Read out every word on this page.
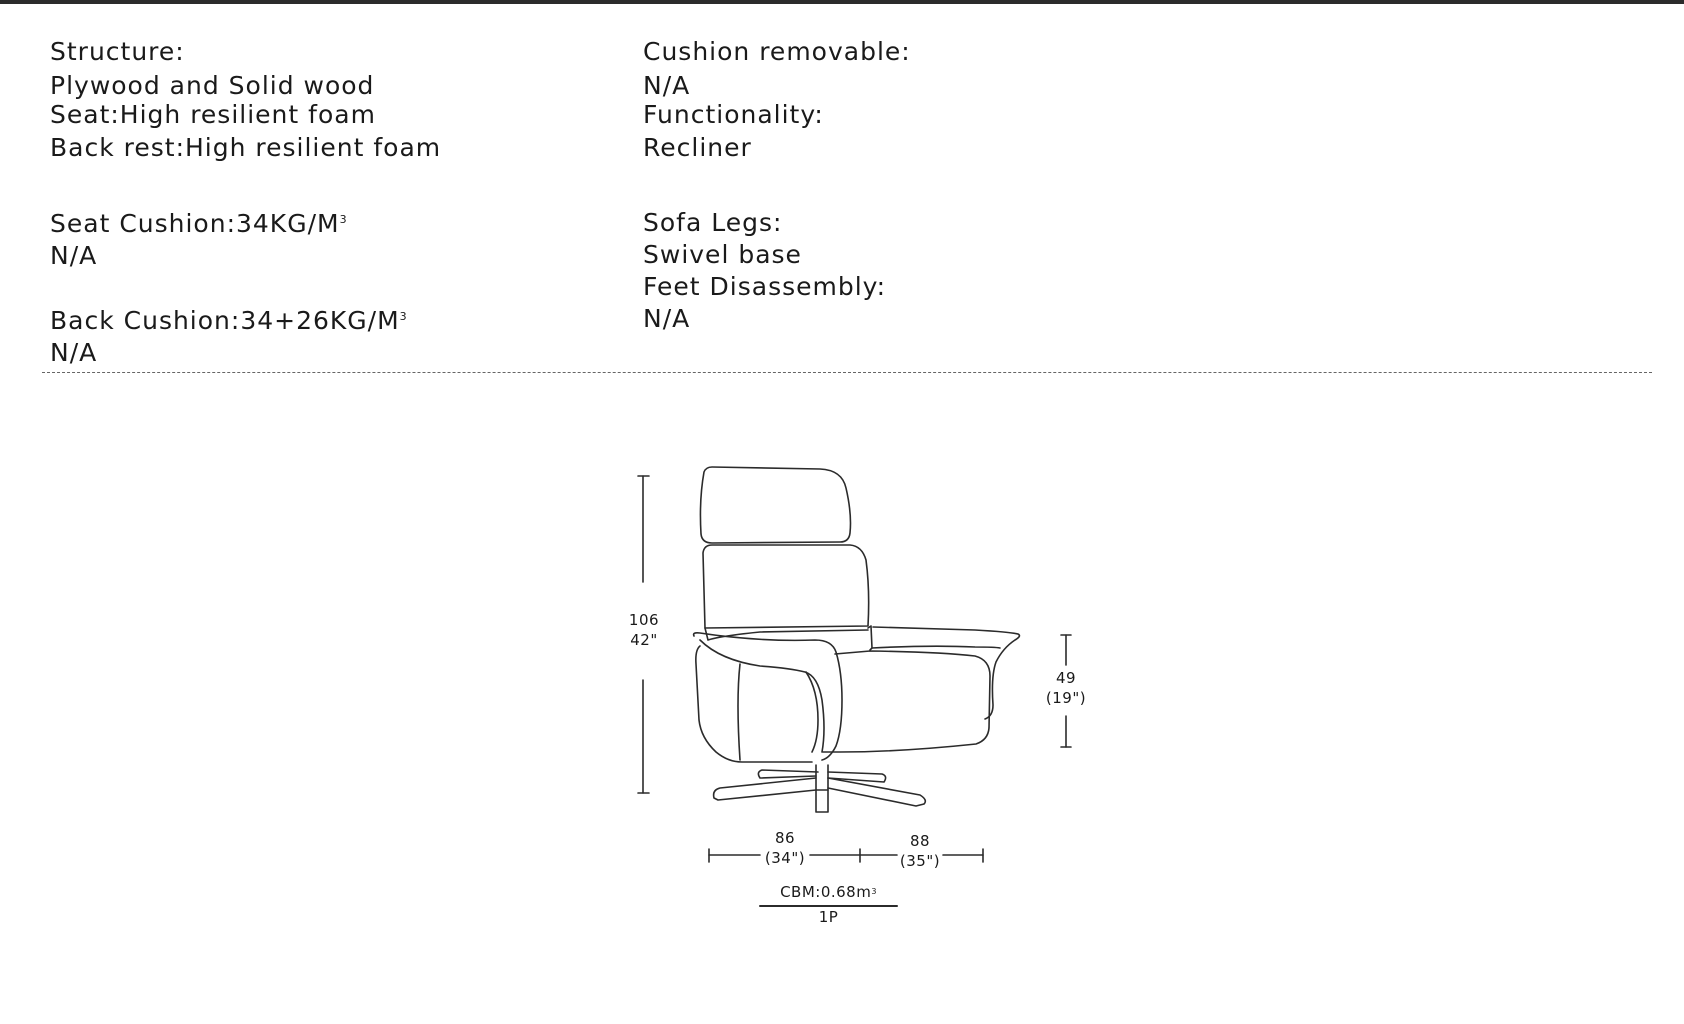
Structure:
Plywood and Solid wood
Seat:High resilient foam
Back rest:High resilient foam
Seat $Cushion:34KG/M^3$
N/A
Back $Cushion:34+26KG/M^3$
N/A
Cushion removable:
N/A
Functionality:
Recliner
Sofa Legs:
Swivel base
Feet Disassembly:
N/A
106
42"
49
(19")
86
(34")
88
(35")
$CBM:0.68m^3$
1P
